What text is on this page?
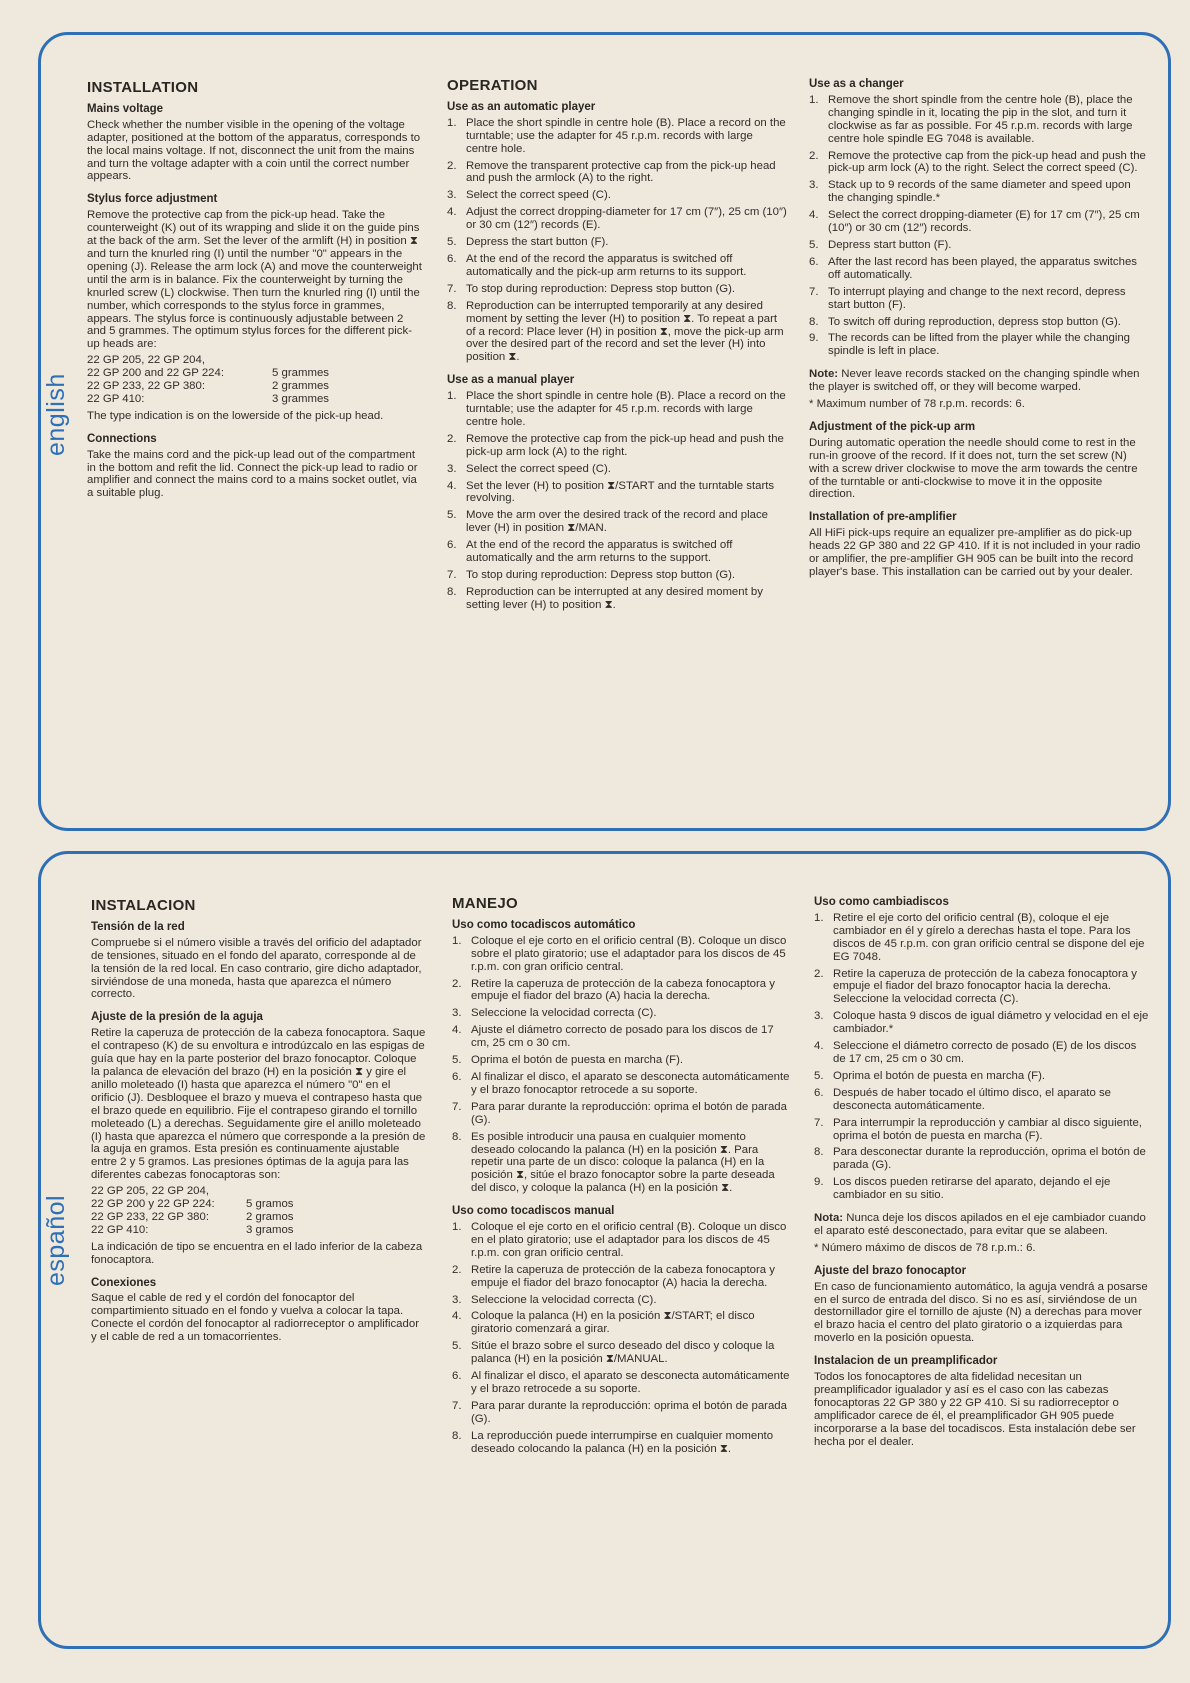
english
INSTALLATION
Mains voltage

Check whether the number visible in the opening of the voltage adapter, positioned at the bottom of the apparatus, corresponds to the local mains voltage. If not, disconnect the unit from the mains and turn the voltage adapter with a coin until the correct number appears.

Stylus force adjustment

Remove the protective cap from the pick-up head. Take the counterweight (K) out of its wrapping and slide it on the guide pins at the back of the arm. Set the lever of the armlift (H) in position ⧗ and turn the knurled ring (I) until the number "0" appears in the opening (J). Release the arm lock (A) and move the counterweight until the arm is in balance. Fix the counterweight by turning the knurled screw (L) clockwise. Then turn the knurled ring (I) until the number, which corresponds to the stylus force in grammes, appears. The stylus force is continuously adjustable between 2 and 5 grammes. The optimum stylus forces for the different pick-up heads are:

22 GP 205, 22 GP 204,
22 GP 200 and 22 GP 224:	5 grammes
22 GP 233, 22 GP 380:	2 grammes
22 GP 410:	3 grammes

The type indication is on the lowerside of the pick-up head.

Connections

Take the mains cord and the pick-up lead out of the compartment in the bottom and refit the lid. Connect the pick-up lead to radio or amplifier and connect the mains cord to a mains socket outlet, via a suitable plug.

OPERATION
Use as an automatic player
1. Place the short spindle in centre hole (B). Place a record on the turntable; use the adapter for 45 r.p.m. records with large centre hole.
2. Remove the transparent protective cap from the pick-up head and push the armlock (A) to the right.
3. Select the correct speed (C).
4. Adjust the correct dropping-diameter for 17 cm (7″), 25 cm (10″) or 30 cm (12″) records (E).
5. Depress the start button (F).
6. At the end of the record the apparatus is switched off automatically and the pick-up arm returns to its support.
7. To stop during reproduction: Depress stop button (G).
8. Reproduction can be interrupted temporarily at any desired moment by setting the lever (H) to position ⧗. To repeat a part of a record: Place lever (H) in position ⧗, move the pick-up arm over the desired part of the record and set the lever (H) into position ⧗.
Use as a manual player
1. Place the short spindle in centre hole (B). Place a record on the turntable; use the adapter for 45 r.p.m. records with large centre hole.
2. Remove the protective cap from the pick-up head and push the pick-up arm lock (A) to the right.
3. Select the correct speed (C).
4. Set the lever (H) to position ⧗/START and the turntable starts revolving.
5. Move the arm over the desired track of the record and place lever (H) in position ⧗/MAN.
6. At the end of the record the apparatus is switched off automatically and the arm returns to the support.
7. To stop during reproduction: Depress stop button (G).
8. Reproduction can be interrupted at any desired moment by setting lever (H) to position ⧗.
Use as a changer
1. Remove the short spindle from the centre hole (B), place the changing spindle in it, locating the pip in the slot, and turn it clockwise as far as possible. For 45 r.p.m. records with large centre hole spindle EG 7048 is available.
2. Remove the protective cap from the pick-up head and push the pick-up arm lock (A) to the right. Select the correct speed (C).
3. Stack up to 9 records of the same diameter and speed upon the changing spindle.*
4. Select the correct dropping-diameter (E) for 17 cm (7″), 25 cm (10″) or 30 cm (12″) records.
5. Depress start button (F).
6. After the last record has been played, the apparatus switches off automatically.
7. To interrupt playing and change to the next record, depress start button (F).
8. To switch off during reproduction, depress stop button (G).
9. The records can be lifted from the player while the changing spindle is left in place.

Note: Never leave records stacked on the changing spindle when the player is switched off, or they will become warped.

* Maximum number of 78 r.p.m. records: 6.

Adjustment of the pick-up arm

During automatic operation the needle should come to rest in the run-in groove of the record. If it does not, turn the set screw (N) with a screw driver clockwise to move the arm towards the centre of the turntable or anti-clockwise to move it in the opposite direction.

Installation of pre-amplifier

All HiFi pick-ups require an equalizer pre-amplifier as do pick-up heads 22 GP 380 and 22 GP 410. If it is not included in your radio or amplifier, the pre-amplifier GH 905 can be built into the record player's base. This installation can be carried out by your dealer.

español
INSTALACION
Tensión de la red

Compruebe si el número visible a través del orificio del adaptador de tensiones, situado en el fondo del aparato, corresponde al de la tensión de la red local. En caso contrario, gire dicho adaptador, sirviéndose de una moneda, hasta que aparezca el número correcto.

Ajuste de la presión de la aguja

Retire la caperuza de protección de la cabeza fonocaptora. Saque el contrapeso (K) de su envoltura e introdúzcalo en las espigas de guía que hay en la parte posterior del brazo fonocaptor. Coloque la palanca de elevación del brazo (H) en la posición ⧗ y gire el anillo moleteado (I) hasta que aparezca el número "0" en el orificio (J). Desbloquee el brazo y mueva el contrapeso hasta que el brazo quede en equilibrio. Fije el contrapeso girando el tornillo moleteado (L) a derechas. Seguidamente gire el anillo moleteado (I) hasta que aparezca el número que corresponde a la presión de la aguja en gramos. Esta presión es continuamente ajustable entre 2 y 5 gramos. Las presiones óptimas de la aguja para las diferentes cabezas fonocaptoras son:

22 GP 205, 22 GP 204,
22 GP 200 y 22 GP 224:	5 gramos
22 GP 233, 22 GP 380:	2 gramos
22 GP 410:	3 gramos

La indicación de tipo se encuentra en el lado inferior de la cabeza fonocaptora.

Conexiones

Saque el cable de red y el cordón del fonocaptor del compartimiento situado en el fondo y vuelva a colocar la tapa. Conecte el cordón del fonocaptor al radiorreceptor o amplificador y el cable de red a un tomacorrientes.

MANEJO
Uso como tocadiscos automático
1. Coloque el eje corto en el orificio central (B). Coloque un disco sobre el plato giratorio; use el adaptador para los discos de 45 r.p.m. con gran orificio central.
2. Retire la caperuza de protección de la cabeza fonocaptora y empuje el fiador del brazo (A) hacia la derecha.
3. Seleccione la velocidad correcta (C).
4. Ajuste el diámetro correcto de posado para los discos de 17 cm, 25 cm o 30 cm.
5. Oprima el botón de puesta en marcha (F).
6. Al finalizar el disco, el aparato se desconecta automáticamente y el brazo fonocaptor retrocede a su soporte.
7. Para parar durante la reproducción: oprima el botón de parada (G).
8. Es posible introducir una pausa en cualquier momento deseado colocando la palanca (H) en la posición ⧗. Para repetir una parte de un disco: coloque la palanca (H) en la posición ⧗, sitúe el brazo fonocaptor sobre la parte deseada del disco, y coloque la palanca (H) en la posición ⧗.
Uso como tocadiscos manual
1. Coloque el eje corto en el orificio central (B). Coloque un disco en el plato giratorio; use el adaptador para los discos de 45 r.p.m. con gran orificio central.
2. Retire la caperuza de protección de la cabeza fonocaptora y empuje el fiador del brazo fonocaptor (A) hacia la derecha.
3. Seleccione la velocidad correcta (C).
4. Coloque la palanca (H) en la posición ⧗/START; el disco giratorio comenzará a girar.
5. Sitúe el brazo sobre el surco deseado del disco y coloque la palanca (H) en la posición ⧗/MANUAL.
6. Al finalizar el disco, el aparato se desconecta automáticamente y el brazo retrocede a su soporte.
7. Para parar durante la reproducción: oprima el botón de parada (G).
8. La reproducción puede interrumpirse en cualquier momento deseado colocando la palanca (H) en la posición ⧗.
Uso como cambiadiscos
1. Retire el eje corto del orificio central (B), coloque el eje cambiador en él y gírelo a derechas hasta el tope. Para los discos de 45 r.p.m. con gran orificio central se dispone del eje EG 7048.
2. Retire la caperuza de protección de la cabeza fonocaptora y empuje el fiador del brazo fonocaptor hacia la derecha. Seleccione la velocidad correcta (C).
3. Coloque hasta 9 discos de igual diámetro y velocidad en el eje cambiador.*
4. Seleccione el diámetro correcto de posado (E) de los discos de 17 cm, 25 cm o 30 cm.
5. Oprima el botón de puesta en marcha (F).
6. Después de haber tocado el último disco, el aparato se desconecta automáticamente.
7. Para interrumpir la reproducción y cambiar al disco siguiente, oprima el botón de puesta en marcha (F).
8. Para desconectar durante la reproducción, oprima el botón de parada (G).
9. Los discos pueden retirarse del aparato, dejando el eje cambiador en su sitio.

Nota: Nunca deje los discos apilados en el eje cambiador cuando el aparato esté desconectado, para evitar que se alabeen.

* Número máximo de discos de 78 r.p.m.: 6.

Ajuste del brazo fonocaptor

En caso de funcionamiento automático, la aguja vendrá a posarse en el surco de entrada del disco. Si no es así, sirviéndose de un destornillador gire el tornillo de ajuste (N) a derechas para mover el brazo hacia el centro del plato giratorio o a izquierdas para moverlo en la posición opuesta.

Instalacion de un preamplificador

Todos los fonocaptores de alta fidelidad necesitan un preamplificador igualador y así es el caso con las cabezas fonocaptoras 22 GP 380 y 22 GP 410. Si su radiorreceptor o amplificador carece de él, el preamplificador GH 905 puede incorporarse a la base del tocadiscos. Esta instalación debe ser hecha por el dealer.
